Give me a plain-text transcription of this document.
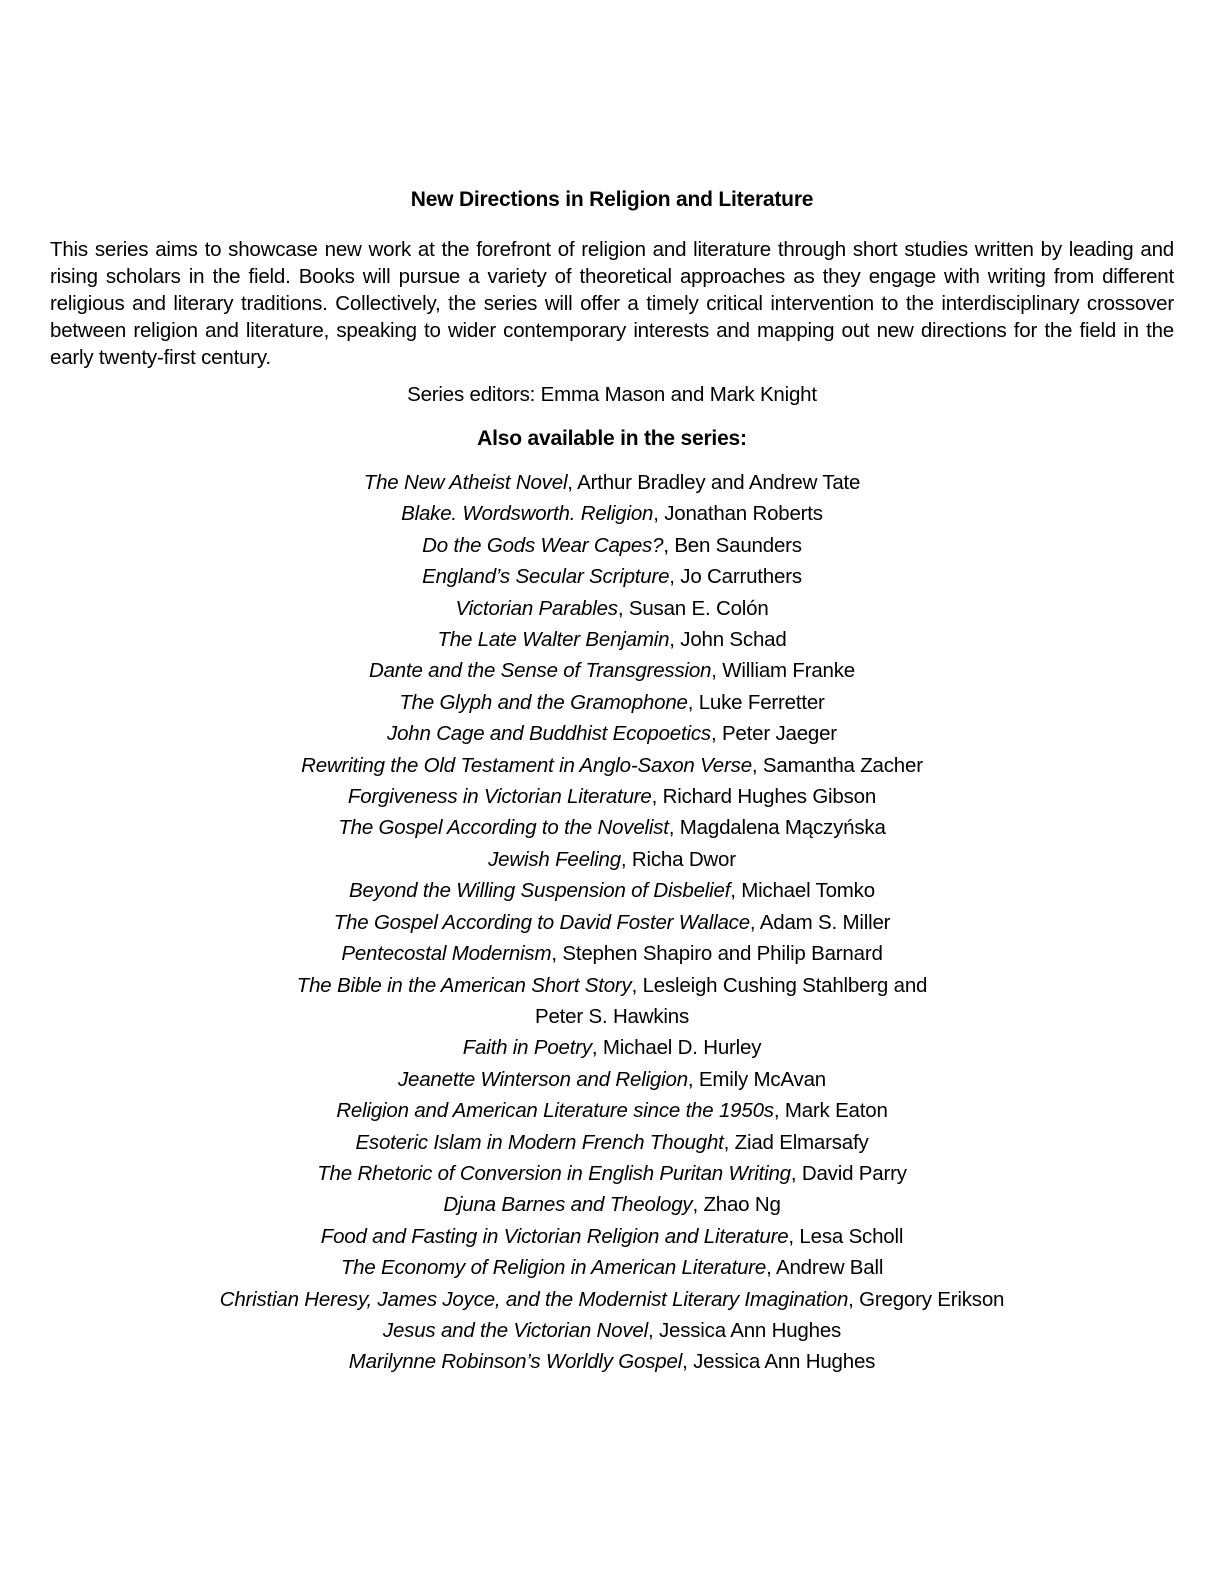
New Directions in Religion and Literature

This series aims to showcase new work at the forefront of religion and literature through short studies written by leading and rising scholars in the field. Books will pursue a variety of theoretical approaches as they engage with writing from different religious and literary traditions. Collectively, the series will offer a timely critical intervention to the interdisciplinary crossover between religion and literature, speaking to wider contemporary interests and mapping out new directions for the field in the early twenty-first century.

Series editors: Emma Mason and Mark Knight

Also available in the series:
The New Atheist Novel, Arthur Bradley and Andrew Tate
Blake. Wordsworth. Religion, Jonathan Roberts
Do the Gods Wear Capes?, Ben Saunders
England’s Secular Scripture, Jo Carruthers
Victorian Parables, Susan E. Colón
The Late Walter Benjamin, John Schad
Dante and the Sense of Transgression, William Franke
The Glyph and the Gramophone, Luke Ferretter
John Cage and Buddhist Ecopoetics, Peter Jaeger
Rewriting the Old Testament in Anglo-Saxon Verse, Samantha Zacher
Forgiveness in Victorian Literature, Richard Hughes Gibson
The Gospel According to the Novelist, Magdalena Mączyńska
Jewish Feeling, Richa Dwor
Beyond the Willing Suspension of Disbelief, Michael Tomko
The Gospel According to David Foster Wallace, Adam S. Miller
Pentecostal Modernism, Stephen Shapiro and Philip Barnard
The Bible in the American Short Story, Lesleigh Cushing Stahlberg and
Peter S. Hawkins
Faith in Poetry, Michael D. Hurley
Jeanette Winterson and Religion, Emily McAvan
Religion and American Literature since the 1950s, Mark Eaton
Esoteric Islam in Modern French Thought, Ziad Elmarsafy
The Rhetoric of Conversion in English Puritan Writing, David Parry
Djuna Barnes and Theology, Zhao Ng
Food and Fasting in Victorian Religion and Literature, Lesa Scholl
The Economy of Religion in American Literature, Andrew Ball
Christian Heresy, James Joyce, and the Modernist Literary Imagination, Gregory Erikson
Jesus and the Victorian Novel, Jessica Ann Hughes
Marilynne Robinson’s Worldly Gospel, Jessica Ann Hughes
